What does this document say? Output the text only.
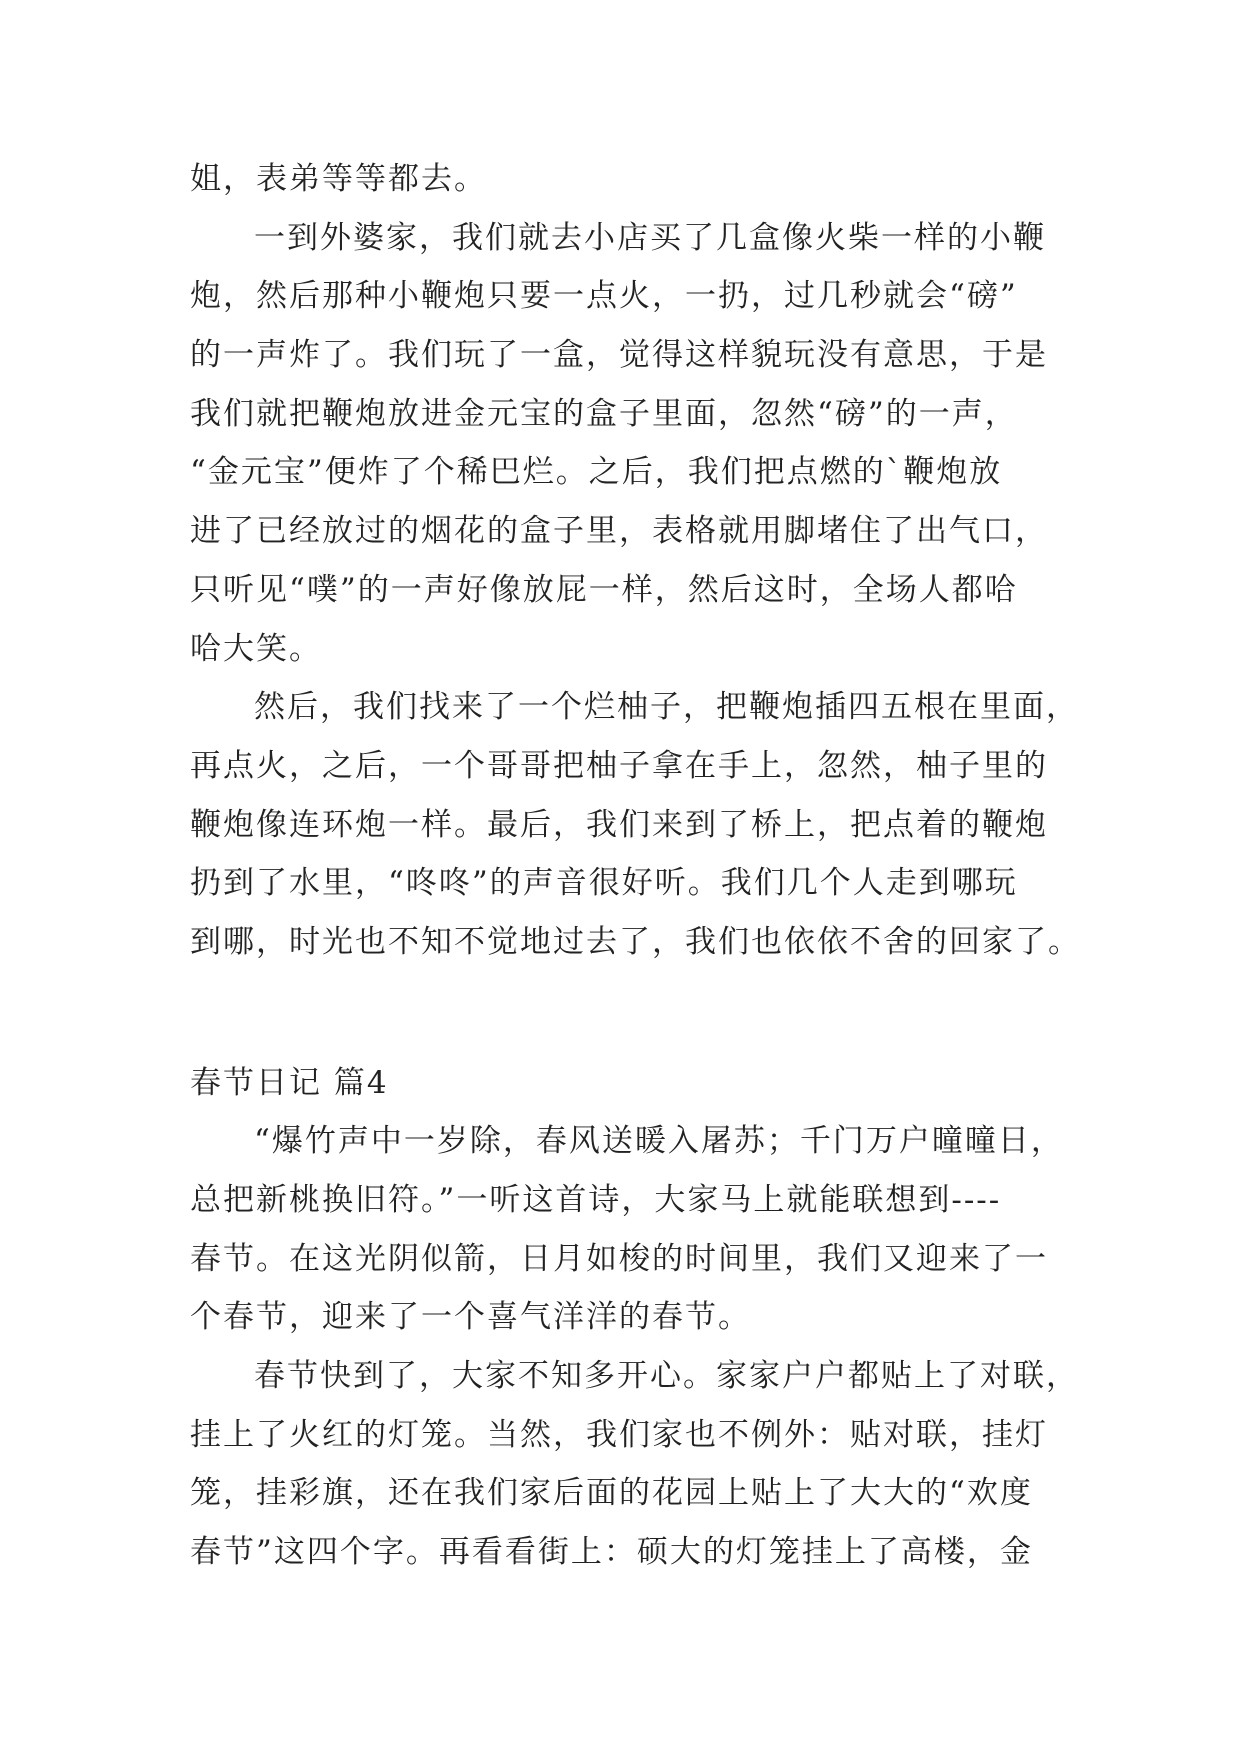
姐，表弟等等都去。
一到外婆家，我们就去小店买了几盒像火柴一样的小鞭
炮，然后那种小鞭炮只要一点火，一扔，过几秒就会“磅”
的一声炸了。我们玩了一盒，觉得这样貌玩没有意思，于是
我们就把鞭炮放进金元宝的盒子里面，忽然“磅”的一声，
“金元宝”便炸了个稀巴烂。之后，我们把点燃的`鞭炮放
进了已经放过的烟花的盒子里，表格就用脚堵住了出气口，
只听见“噗”的一声好像放屁一样，然后这时，全场人都哈
哈大笑。
然后，我们找来了一个烂柚子，把鞭炮插四五根在里面，
再点火，之后，一个哥哥把柚子拿在手上，忽然，柚子里的
鞭炮像连环炮一样。最后，我们来到了桥上，把点着的鞭炮
扔到了水里，“咚咚”的声音很好听。我们几个人走到哪玩
到哪，时光也不知不觉地过去了，我们也依依不舍的回家了。
春节日记 篇4
“爆竹声中一岁除，春风送暖入屠苏；千门万户曈曈日，
总把新桃换旧符。”一听这首诗，大家马上就能联想到----
春节。在这光阴似箭，日月如梭的时间里，我们又迎来了一
个春节，迎来了一个喜气洋洋的春节。
春节快到了，大家不知多开心。家家户户都贴上了对联，
挂上了火红的灯笼。当然，我们家也不例外：贴对联，挂灯
笼，挂彩旗，还在我们家后面的花园上贴上了大大的“欢度
春节”这四个字。再看看街上：硕大的灯笼挂上了高楼，金
